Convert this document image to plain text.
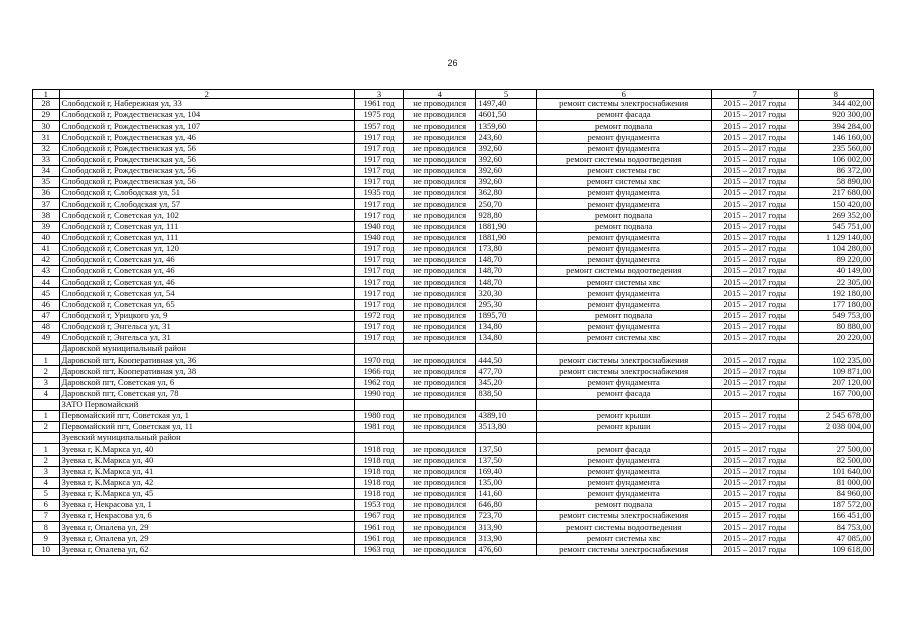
26
1	2	3	4	5	6	7	8
28	Слободской г, Набережная ул, 33	1961 год	не проводился	1497,40	ремонт системы электроснабжения	2015 – 2017 годы	344 402,00
29	Слободской г, Рождественская ул, 104	1975 год	не проводился	4601,50	ремонт фасада	2015 – 2017 годы	920 300,00
30	Слободской г, Рождественская ул, 107	1957 год	не проводился	1359,60	ремонт подвала	2015 – 2017 годы	394 284,00
31	Слободской г, Рождественская ул, 46	1917 год	не проводился	243,60	ремонт фундамента	2015 – 2017 годы	146 160,00
32	Слободской г, Рождественская ул, 56	1917 год	не проводился	392,60	ремонт фундамента	2015 – 2017 годы	235 560,00
33	Слободской г, Рождественская ул, 56	1917 год	не проводился	392,60	ремонт системы водоотведения	2015 – 2017 годы	106 002,00
34	Слободской г, Рождественская ул, 56	1917 год	не проводился	392,60	ремонт системы гвс	2015 – 2017 годы	86 372,00
35	Слободской г, Рождественская ул, 56	1917 год	не проводился	392,60	ремонт системы хвс	2015 – 2017 годы	58 890,00
36	Слободской г, Слободская ул, 51	1935 год	не проводился	362,80	ремонт фундамента	2015 – 2017 годы	217 680,00
37	Слободской г, Слободская ул, 57	1917 год	не проводился	250,70	ремонт фундамента	2015 – 2017 годы	150 420,00
38	Слободской г, Советская ул, 102	1917 год	не проводился	928,80	ремонт подвала	2015 – 2017 годы	269 352,00
39	Слободской г, Советская ул, 111	1940 год	не проводился	1881,90	ремонт подвала	2015 – 2017 годы	545 751,00
40	Слободской г, Советская ул, 111	1940 год	не проводился	1881,90	ремонт фундамента	2015 – 2017 годы	1 129 140,00
41	Слободской г, Советская ул, 120	1917 год	не проводился	173,80	ремонт фундамента	2015 – 2017 годы	104 280,00
42	Слободской г, Советская ул, 46	1917 год	не проводился	148,70	ремонт фундамента	2015 – 2017 годы	89 220,00
43	Слободской г, Советская ул, 46	1917 год	не проводился	148,70	ремонт системы водоотведения	2015 – 2017 годы	40 149,00
44	Слободской г, Советская ул, 46	1917 год	не проводился	148,70	ремонт системы хвс	2015 – 2017 годы	22 305,00
45	Слободской г, Советская ул, 54	1917 год	не проводился	320,30	ремонт фундамента	2015 – 2017 годы	192 180,00
46	Слободской г, Советская ул, 65	1917 год	не проводился	295,30	ремонт фундамента	2015 – 2017 годы	177 180,00
47	Слободской г, Урицкого ул, 9	1972 год	не проводился	1895,70	ремонт подвала	2015 – 2017 годы	549 753,00
48	Слободской г, Энгельса ул, 31	1917 год	не проводился	134,80	ремонт фундамента	2015 – 2017 годы	80 880,00
49	Слободской г, Энгельса ул, 31	1917 год	не проводился	134,80	ремонт системы хвс	2015 – 2017 годы	20 220,00
	Даровской муниципальный район						
1	Даровской пгт, Кооперативная ул, 36	1970 год	не проводился	444,50	ремонт системы электроснабжения	2015 – 2017 годы	102 235,00
2	Даровской пгт, Кооперативная ул, 38	1966 год	не проводился	477,70	ремонт системы электроснабжения	2015 – 2017 годы	109 871,00
3	Даровской пгт, Советская ул, 6	1962 год	не проводился	345,20	ремонт фундамента	2015 – 2017 годы	207 120,00
4	Даровской пгт, Советская ул, 78	1990 год	не проводился	838,50	ремонт фасада	2015 – 2017 годы	167 700,00
	ЗАТО Первомайский						
1	Первомайский пгт, Советская ул, 1	1980 год	не проводился	4389,10	ремонт крыши	2015 – 2017 годы	2 545 678,00
2	Первомайский пгт, Советская ул, 11	1981 год	не проводился	3513,80	ремонт крыши	2015 – 2017 годы	2 038 004,00
	Зуевский муниципальный район						
1	Зуевка г, К.Маркса ул, 40	1918 год	не проводился	137,50	ремонт фасада	2015 – 2017 годы	27 500,00
2	Зуевка г, К.Маркса ул, 40	1918 год	не проводился	137,50	ремонт фундамента	2015 – 2017 годы	82 500,00
3	Зуевка г, К.Маркса ул, 41	1918 год	не проводился	169,40	ремонт фундамента	2015 – 2017 годы	101 640,00
4	Зуевка г, К.Маркса ул, 42	1918 год	не проводился	135,00	ремонт фундамента	2015 – 2017 годы	81 000,00
5	Зуевка г, К.Маркса ул, 45	1918 год	не проводился	141,60	ремонт фундамента	2015 – 2017 годы	84 960,00
6	Зуевка г, Некрасова ул, 1	1953 год	не проводился	646,80	ремонт подвала	2015 – 2017 годы	187 572,00
7	Зуевка г, Некрасова ул, 6	1967 год	не проводился	723,70	ремонт системы электроснабжения	2015 – 2017 годы	166 451,00
8	Зуевка г, Опалева ул, 29	1961 год	не проводился	313,90	ремонт системы водоотведения	2015 – 2017 годы	84 753,00
9	Зуевка г, Опалева ул, 29	1961 год	не проводился	313,90	ремонт системы хвс	2015 – 2017 годы	47 085,00
10	Зуевка г, Опалева ул, 62	1963 год	не проводился	476,60	ремонт системы электроснабжения	2015 – 2017 годы	109 618,00
